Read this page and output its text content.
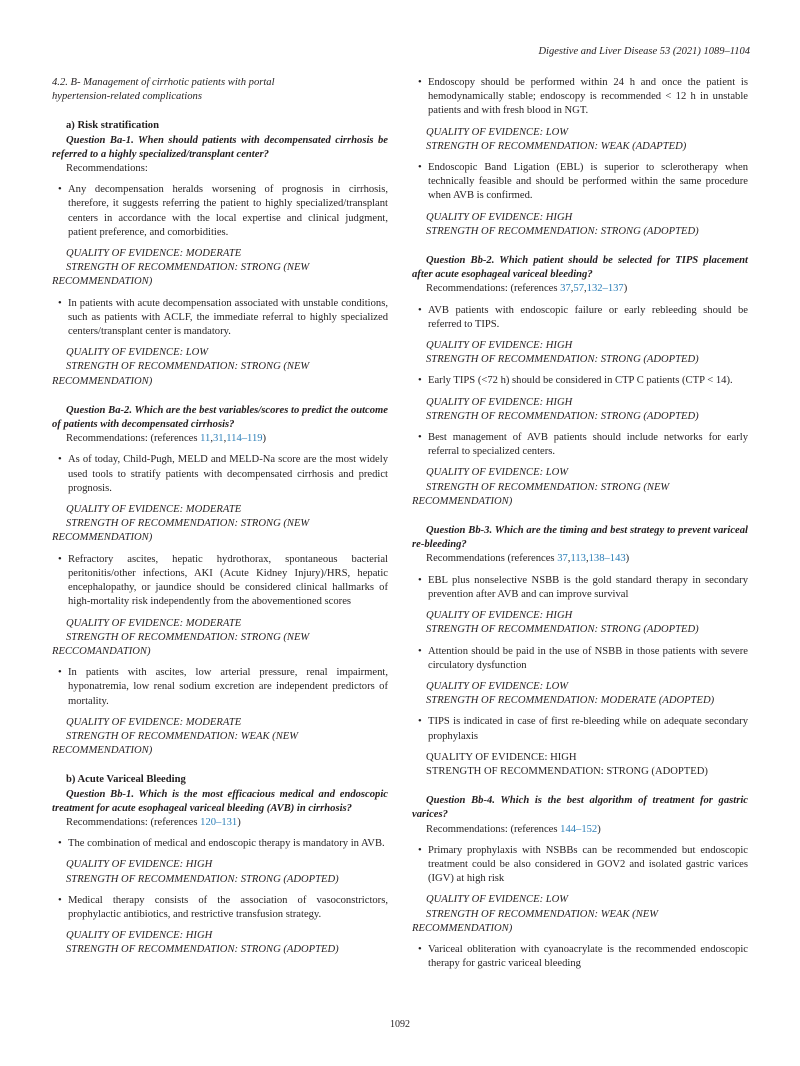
Digestive and Liver Disease 53 (2021) 1089–1104
4.2. B- Management of cirrhotic patients with portal
hypertension-related complications

a) Risk stratification

Question Ba-1. When should patients with decompensated cirrhosis be referred to a highly specialized/transplant center?

Recommendations:

• Any decompensation heralds worsening of prognosis in cirrhosis, therefore, it suggests referring the patient to highly specialized/transplant centers in accordance with the local expertise and clinical judgment, patient preference, and comorbidities.

QUALITY OF EVIDENCE: MODERATE

STRENGTH OF RECOMMENDATION: STRONG (NEW RECOMMENDATION)

• In patients with acute decompensation associated with unstable conditions, such as patients with ACLF, the immediate referral to highly specialized centers/transplant center is mandatory.

QUALITY OF EVIDENCE: LOW

STRENGTH OF RECOMMENDATION: STRONG (NEW RECOMMENDATION)

Question Ba-2. Which are the best variables/scores to predict the outcome of patients with decompensated cirrhosis?

Recommendations: (references 11,31,114–119)

• As of today, Child-Pugh, MELD and MELD-Na score are the most widely used tools to stratify patients with decompensated cirrhosis and predict prognosis.

QUALITY OF EVIDENCE: MODERATE

STRENGTH OF RECOMMENDATION: STRONG (NEW RECOMMENDATION)

• Refractory ascites, hepatic hydrothorax, spontaneous bacterial peritonitis/other infections, AKI (Acute Kidney Injury)/HRS, hepatic encephalopathy, or jaundice should be considered clinical hallmarks of high-mortality risk independently from the abovementioned scores

QUALITY OF EVIDENCE: MODERATE

STRENGTH OF RECOMMENDATION: STRONG (NEW RECCOMANDATION)

• In patients with ascites, low arterial pressure, renal impairment, hyponatremia, low renal sodium excretion are independent predictors of mortality.

QUALITY OF EVIDENCE: MODERATE

STRENGTH OF RECOMMENDATION: WEAK (NEW RECOMMENDATION)

b) Acute Variceal Bleeding

Question Bb-1. Which is the most efficacious medical and endoscopic treatment for acute esophageal variceal bleeding (AVB) in cirrhosis?

Recommendations: (references 120–131)

• The combination of medical and endoscopic therapy is mandatory in AVB.

QUALITY OF EVIDENCE: HIGH

STRENGTH OF RECOMMENDATION: STRONG (ADOPTED)

• Medical therapy consists of the association of vasoconstrictors, prophylactic antibiotics, and restrictive transfusion strategy.

QUALITY OF EVIDENCE: HIGH

STRENGTH OF RECOMMENDATION: STRONG (ADOPTED)

• Endoscopy should be performed within 24 h and once the patient is hemodynamically stable; endoscopy is recommended < 12 h in unstable patients and with fresh blood in NGT.

QUALITY OF EVIDENCE: LOW

STRENGTH OF RECOMMENDATION: WEAK (ADAPTED)

• Endoscopic Band Ligation (EBL) is superior to sclerotherapy when technically feasible and should be performed within the same procedure when AVB is confirmed.

QUALITY OF EVIDENCE: HIGH

STRENGTH OF RECOMMENDATION: STRONG (ADOPTED)

Question Bb-2. Which patient should be selected for TIPS placement after acute esophageal variceal bleeding?

Recommendations: (references 37,57,132–137)

• AVB patients with endoscopic failure or early rebleeding should be referred to TIPS.

QUALITY OF EVIDENCE: HIGH

STRENGTH OF RECOMMENDATION: STRONG (ADOPTED)

• Early TIPS (<72 h) should be considered in CTP C patients (CTP < 14).

QUALITY OF EVIDENCE: HIGH

STRENGTH OF RECOMMENDATION: STRONG (ADOPTED)

• Best management of AVB patients should include networks for early referral to specialized centers.

QUALITY OF EVIDENCE: LOW

STRENGTH OF RECOMMENDATION: STRONG (NEW RECOMMENDATION)

Question Bb-3. Which are the timing and best strategy to prevent variceal re-bleeding?

Recommendations (references 37,113,138–143)

• EBL plus nonselective NSBB is the gold standard therapy in secondary prevention after AVB and can improve survival

QUALITY OF EVIDENCE: HIGH

STRENGTH OF RECOMMENDATION: STRONG (ADOPTED)

• Attention should be paid in the use of NSBB in those patients with severe circulatory dysfunction

QUALITY OF EVIDENCE: LOW

STRENGTH OF RECOMMENDATION: MODERATE (ADOPTED)

• TIPS is indicated in case of first re-bleeding while on adequate secondary prophylaxis

QUALITY OF EVIDENCE: HIGH

STRENGTH OF RECOMMENDATION: STRONG (ADOPTED)

Question Bb-4. Which is the best algorithm of treatment for gastric varices?

Recommendations: (references 144–152)

• Primary prophylaxis with NSBBs can be recommended but endoscopic treatment could be also considered in GOV2 and isolated gastric varices (IGV) at high risk

QUALITY OF EVIDENCE: LOW

STRENGTH OF RECOMMENDATION: WEAK (NEW RECOMMENDATION)

• Variceal obliteration with cyanoacrylate is the recommended endoscopic therapy for gastric variceal bleeding

1092
